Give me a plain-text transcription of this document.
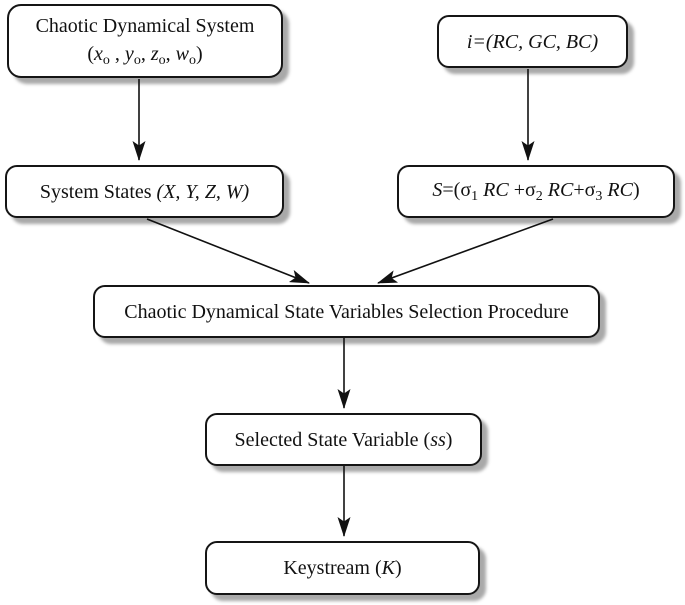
Chaotic Dynamical System
(xo , yo, zo, wo)
i=(RC, GC, BC)
System States (X, Y, Z, W)	S=(σ1 RC +σ2 RC+σ3 RC)
Chaotic Dynamical State Variables Selection Procedure
Selected State Variable (ss)
Keystream (K)
